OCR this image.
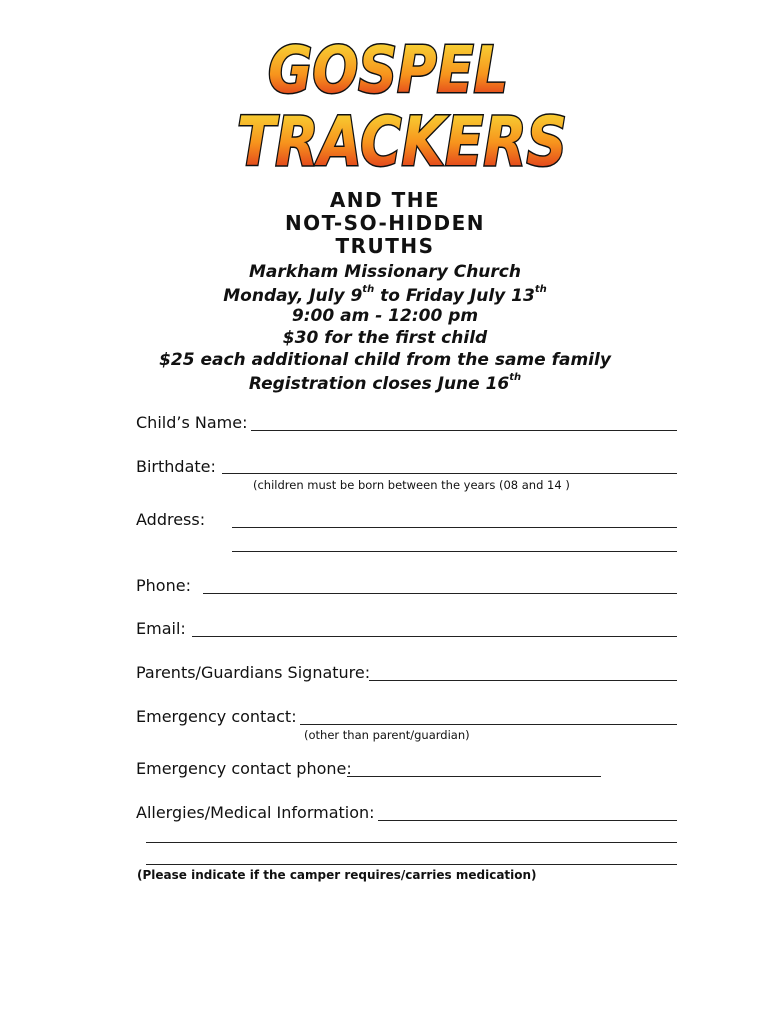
GOSPEL
TRACKERS
AND THE
NOT-SO-HIDDEN
TRUTHS
Markham Missionary Church
Monday, July 9th to Friday July 13th
9:00 am - 12:00 pm
$30 for the first child
$25 each additional child from the same family
Registration closes June 16th
Child’s Name:
Birthdate:
(children must be born between the years (08 and 14 )
Address:
Phone:
Email:
Parents/Guardians Signature:
Emergency contact:
(other than parent/guardian)
Emergency contact phone:
Allergies/Medical Information:
(Please indicate if the camper requires/carries medication)
